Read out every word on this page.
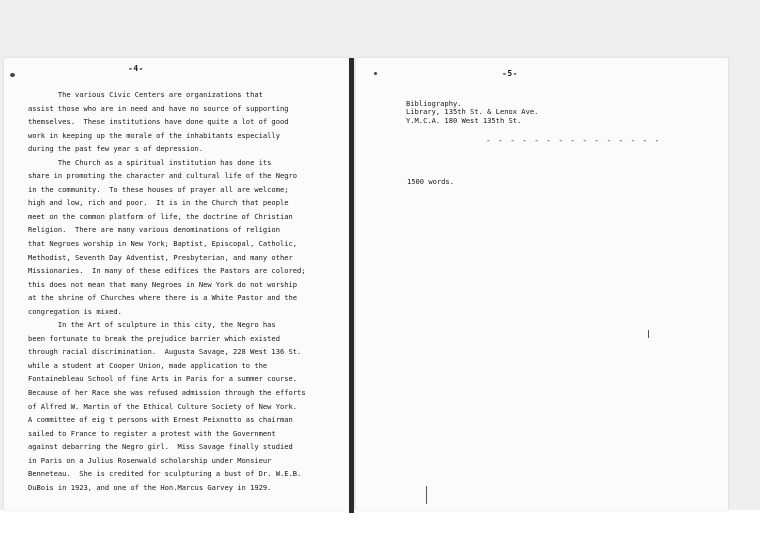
-4-
The various Civic Centers are organizations that
assist those who are in need and have no source of supporting
themselves.  These institutions have done quite a lot of good
work in keeping up the morale of the inhabitants especially
during the past few year s of depression.
The Church as a spiritual institution has done its
share in promoting the character and cultural life of the Negro
in the community.  To these houses of prayer all are welcome;
high and low, rich and poor.  It is in the Church that people
meet on the common platform of life, the doctrine of Christian
Religion.  There are many various denominations of religion
that Negroes worship in New York; Baptist, Episcopal, Catholic,
Methodist, Seventh Day Adventist, Presbyterian, and many other
Missionaries.  In many of these edifices the Pastors are colored;
this does not mean that many Negroes in New York do not worship
at the shrine of Churches where there is a White Pastor and the
congregation is mixed.
In the Art of sculpture in this city, the Negro has
been fortunate to break the prejudice barrier which existed
through racial discrimination.  Augusta Savage, 228 West 136 St.
while a student at Cooper Union, made application to the
Fontainebleau School of fine Arts in Paris for a summer course.
Because of her Race she was refused admission through the efforts
of Alfred W. Martin of the Ethical Culture Society of New York.
A committee of eig t persons with Ernest Peixnotto as chairman
sailed to France to register a protest with the Government
against debarring the Negro girl.  Miss Savage finally studied
in Paris on a Julius Rosenwald scholarship under Monsieur
Benneteau.  She is credited for sculpturing a bust of Dr. W.E.B.
DuBois in 1923, and one of the Hon.Marcus Garvey in 1929.
-5-
Bibliography.
Library, 135th St. & Lenox Ave.
Y.M.C.A. 180 West 135th St.
- - - - - - - - - - - - - - -
1500 words.
